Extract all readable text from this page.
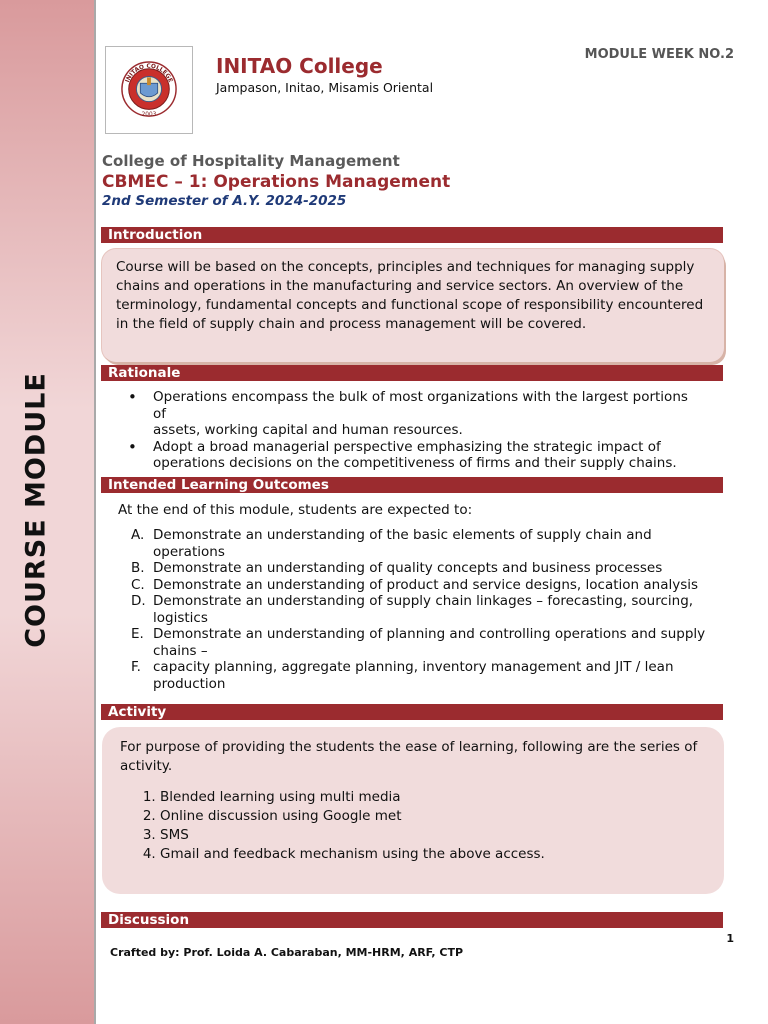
COURSE MODULE
INITAO COLLEGE
2003
INITAO College
Jampason, Initao, Misamis Oriental
MODULE WEEK NO.2
College of Hospitality Management
CBMEC – 1: Operations Management
2nd Semester of A.Y. 2024-2025
Introduction
Course will be based on the concepts, principles and techniques for managing supply chains and operations in the manufacturing and service sectors. An overview of the terminology, fundamental concepts and functional scope of responsibility encountered in the field of supply chain and process management will be covered.
Rationale
• Operations encompass the bulk of most organizations with the largest portions
of
assets, working capital and human resources.
• Adopt a broad managerial perspective emphasizing the strategic impact of
operations decisions on the competitiveness of firms and their supply chains.
Intended Learning Outcomes
At the end of this module, students are expected to:
A. Demonstrate an understanding of the basic elements of supply chain and operations
B. Demonstrate an understanding of quality concepts and business processes
C. Demonstrate an understanding of product and service designs, location analysis
D. Demonstrate an understanding of supply chain linkages – forecasting, sourcing, logistics
E. Demonstrate an understanding of planning and controlling operations and supply chains –
F. capacity planning, aggregate planning, inventory management and JIT / lean production
Activity
For purpose of providing the students the ease of learning, following are the series of activity.
1. Blended learning using multi media
2. Online discussion using Google met
3. SMS
4. Gmail and feedback mechanism using the above access.
Discussion
1
Crafted by: Prof. Loida A. Cabaraban, MM-HRM, ARF, CTP
